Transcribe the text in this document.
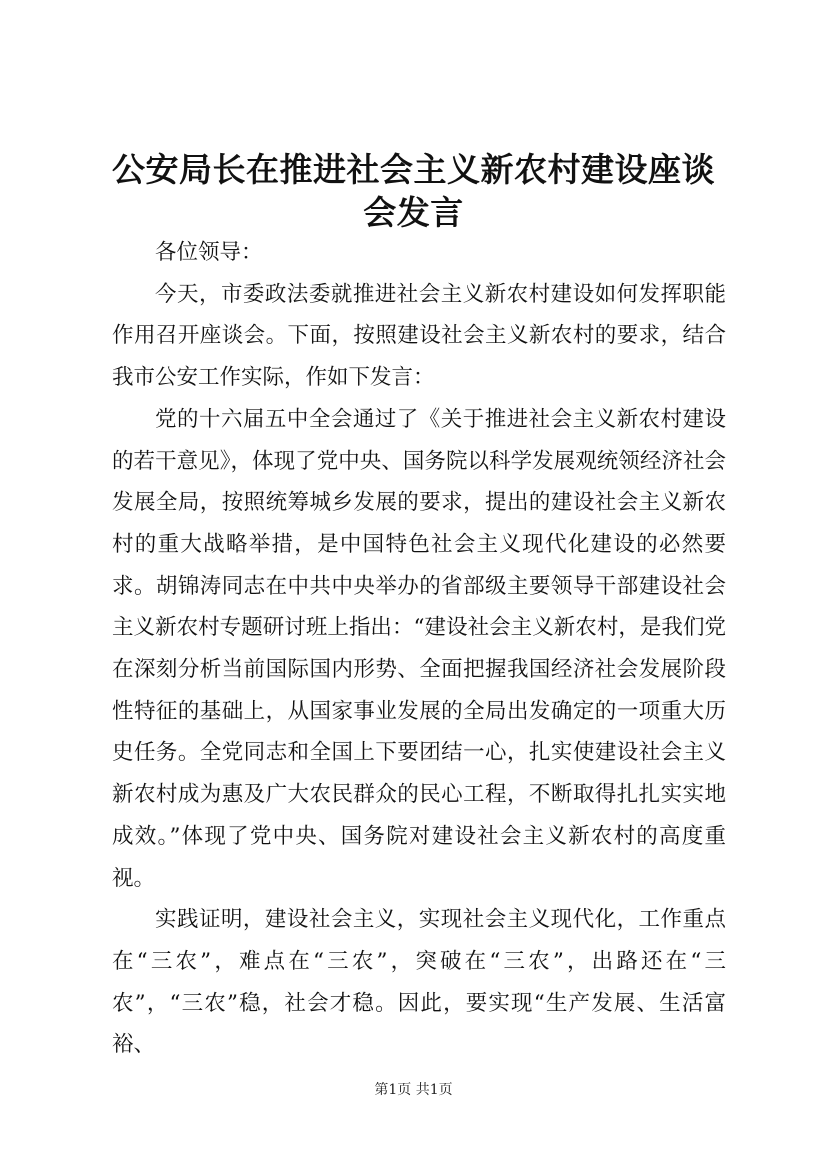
公安局长在推进社会主义新农村建设座谈会发言

各位领导：

今天，市委政法委就推进社会主义新农村建设如何发挥职能作用召开座谈会。下面，按照建设社会主义新农村的要求，结合我市公安工作实际，作如下发言：

党的十六届五中全会通过了《关于推进社会主义新农村建设的若干意见》，体现了党中央、国务院以科学发展观统领经济社会发展全局，按照统筹城乡发展的要求，提出的建设社会主义新农村的重大战略举措，是中国特色社会主义现代化建设的必然要求。胡锦涛同志在中共中央举办的省部级主要领导干部建设社会主义新农村专题研讨班上指出：“建设社会主义新农村，是我们党在深刻分析当前国际国内形势、全面把握我国经济社会发展阶段性特征的基础上，从国家事业发展的全局出发确定的一项重大历史任务。全党同志和全国上下要团结一心，扎实使建设社会主义新农村成为惠及广大农民群众的民心工程，不断取得扎扎实实地成效。”体现了党中央、国务院对建设社会主义新农村的高度重视。

实践证明，建设社会主义，实现社会主义现代化，工作重点在“三农”，难点在“三农”，突破在“三农”，出路还在“三农”，“三农”稳，社会才稳。因此，要实现“生产发展、生活富裕、

第1页 共1页
